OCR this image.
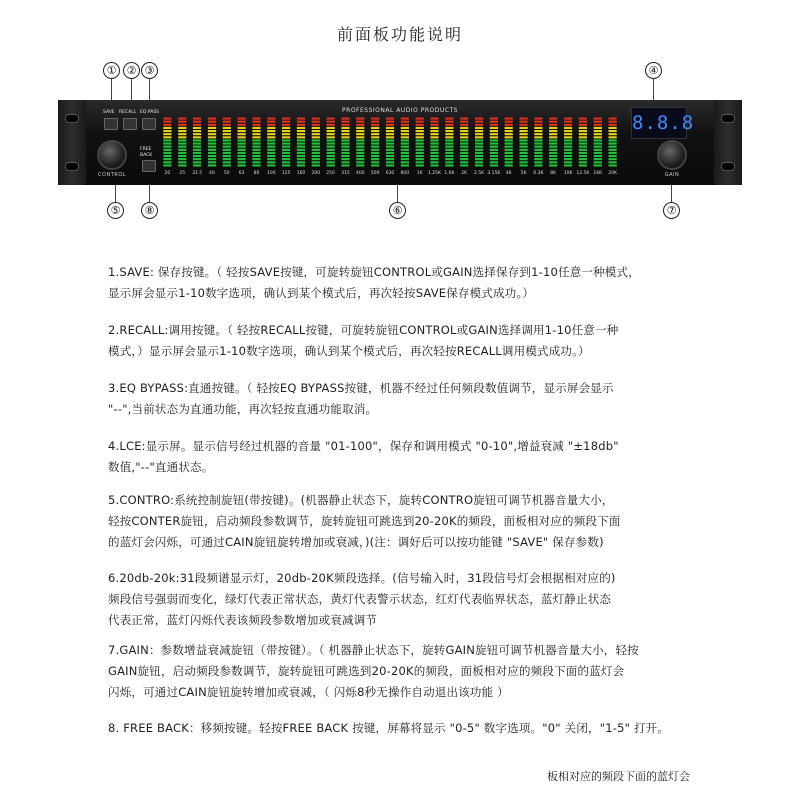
前面板功能说明
① ② ③	④
⑤	⑥	⑦
⑧
PROFESSIONAL AUDIO PRODUCTS
SAVE RECALL EQ PASS
FREE
BACK
CONTROL	GAIN
8.8.8
20	25	31.5	40	50	63	80	100	125	160	200	250	315	400	500	630	800	1K	1.25K 1.6K	2K	2.5K 3.15K	4K	5K	6.3K	8K	10K 12.5K 16K	20K
1.SAVE: 保存按键。（ 轻按SAVE按键，可旋转旋钮CONTROL或GAIN选择保存到1-10任意一种模式，
显示屏会显示1-10数字选项，确认到某个模式后，再次轻按SAVE保存模式成功。）
2.RECALL:调用按键。（ 轻按RECALL按键，可旋转旋钮CONTROL或GAIN选择调用1-10任意一种
模式，）显示屏会显示1-10数字选项，确认到某个模式后，再次轻按RECALL调用模式成功。）
3.EQ BYPASS:直通按键。（ 轻按EQ BYPASS按键，机器不经过任何频段数值调节，显示屏会显示
"--",当前状态为直通功能，再次轻按直通功能取消。
4.LCE:显示屏。显示信号经过机器的音量 "01-100"，保存和调用模式 "0-10",增益衰减 "±18db"
数值,"--"直通状态。
5.CONTRO:系统控制旋钮(带按键)。(机器静止状态下，旋转CONTRO旋钮可调节机器音量大小，
轻按CONTER旋钮，启动频段参数调节，旋转旋钮可跳选到20-20K的频段，面板相对应的频段下面
的蓝灯会闪烁，可通过CAIN旋钮旋转增加或衰减，)(注：调好后可以按功能键 "SAVE" 保存参数)
6.20db-20k:31段频谱显示灯，20db-20K频段选择。(信号输入时，31段信号灯会根据相对应的)
频段信号强弱而变化，绿灯代表正常状态，黄灯代表警示状态，红灯代表临界状态，蓝灯静止状态
代表正常，蓝灯闪烁代表该频段参数增加或衰减调节
7.GAIN：参数增益衰减旋钮（带按键）。（ 机器静止状态下，旋转GAIN旋钮可调节机器音量大小，轻按
GAIN旋钮，启动频段参数调节，旋转旋钮可跳选到20-20K的频段，面板相对应的频段下面的蓝灯会
闪烁，可通过CAIN旋钮旋转增加或衰减，（ 闪烁8秒无操作自动退出该功能 ）
8. FREE BACK：移频按键。轻按FREE BACK 按键，屏幕将显示 "0-5" 数字选项。"0" 关闭，"1-5" 打开。
板相对应的频段下面的蓝灯会
